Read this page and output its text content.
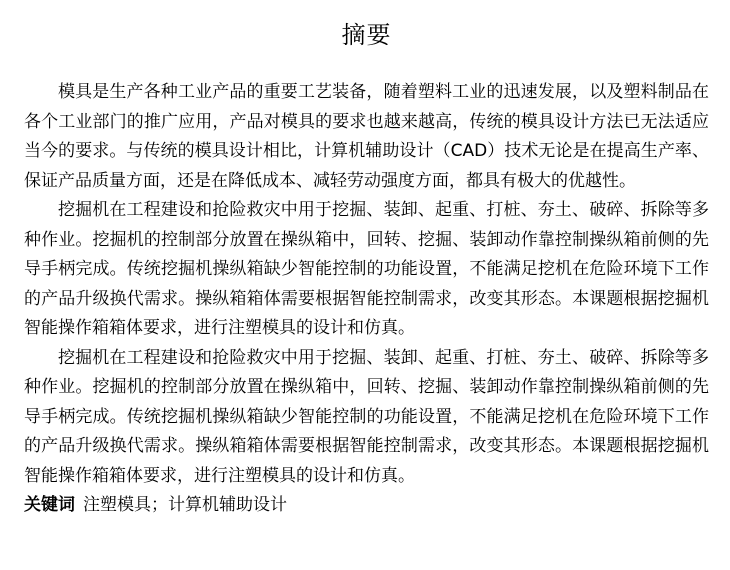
摘要

模具是生产各种工业产品的重要工艺装备，随着塑料工业的迅速发展，以及塑料制品在各个工业部门的推广应用，产品对模具的要求也越来越高，传统的模具设计方法已无法适应当今的要求。与传统的模具设计相比，计算机辅助设计（CAD）技术无论是在提高生产率、保证产品质量方面，还是在降低成本、减轻劳动强度方面，都具有极大的优越性。

挖掘机在工程建设和抢险救灾中用于挖掘、装卸、起重、打桩、夯土、破碎、拆除等多种作业。挖掘机的控制部分放置在操纵箱中，回转、挖掘、装卸动作靠控制操纵箱前侧的先导手柄完成。传统挖掘机操纵箱缺少智能控制的功能设置，不能满足挖机在危险环境下工作的产品升级换代需求。操纵箱箱体需要根据智能控制需求，改变其形态。本课题根据挖掘机智能操作箱箱体要求，进行注塑模具的设计和仿真。

挖掘机在工程建设和抢险救灾中用于挖掘、装卸、起重、打桩、夯土、破碎、拆除等多种作业。挖掘机的控制部分放置在操纵箱中，回转、挖掘、装卸动作靠控制操纵箱前侧的先导手柄完成。传统挖掘机操纵箱缺少智能控制的功能设置，不能满足挖机在危险环境下工作的产品升级换代需求。操纵箱箱体需要根据智能控制需求，改变其形态。本课题根据挖掘机智能操作箱箱体要求，进行注塑模具的设计和仿真。

关键词 注塑模具；计算机辅助设计
